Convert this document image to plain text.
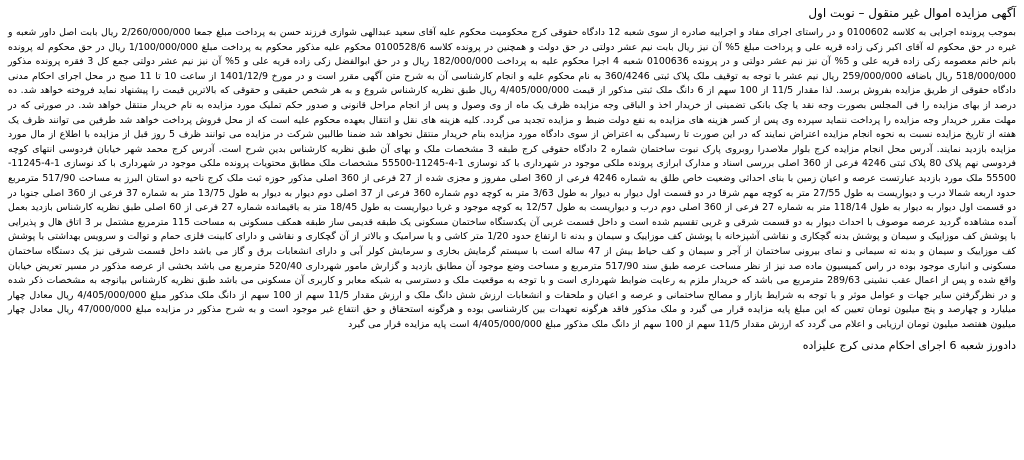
آگهی مزایده اموال غیر منقول – نوبت اول

بموجب پرونده اجرایی به کلاسه 0100602 و در راستای اجرای مفاد و اجراییه صادره از سوی شعبه 12 دادگاه حقوقی کرج محکومیت محکوم علیه آقای سعید عبدالهی شوازی فرزند حسن به پرداخت مبلغ جمعا 2/260/000/000 ریال بابت اصل داور شعبه و غیره در حق محکوم له آقای اکبر زکی زاده قریه علی و پرداخت مبلغ 5% آن نیز ریال بابت نیم عشر دولتی در حق دولت و همچنین در پرونده کلاسه 0100528/6 محکوم علیه مذکور محکوم به پرداخت مبلغ 1/100/000/000 ریال در حق محکوم له پرونده بانم خانم معصومه زکی زاده قریه علی و 5% آن نیز نیم عشر دولتی و در پرونده 0100636 شعبه 4 اجرا محکوم علیه به پرداخت 182/000/000 ریال و در حق ابوالفضل زکی زاده قریه علی و 5% آن نیز نیم عشر دولتی جمع کل 3 فقره پرونده مذکور 518/000/000 ریال باضافه 259/000/000 ریال نیم عشر با توجه به توقیف ملک پلاک ثبتی 360/4246 به نام محکوم علیه و انجام کارشناسی آن به شرح متن آگهی مقرر است و در مورخ 1401/12/9 از ساعت 10 تا 11 صبح در محل اجرای احکام مدنی دادگاه حقوقی از طریق مزایده بفروش برسد. لذا مقدار 11/5 از 100 سهم از 6 دانگ ملک ثبتی مذکور از قیمت 4/405/000/000 ریال طبق نظریه کارشناس شروع و به هر شخص حقیقی و حقوقی که بالاترین قیمت را پیشنهاد نماید فروخته خواهد شد. ده درصد از بهای مزایده را فی المجلس بصورت وجه نقد یا چک بانکی تضمینی از خریدار اخذ و الباقی وجه مزایده ظرف یک ماه از وی وصول و پس از انجام مراحل قانونی و صدور حکم تملیک مورد مزایده به نام خریدار منتقل خواهد شد. در صورتی که در مهلت مقرر خریدار وجه مزایده را پرداخت ننماید سپرده وی پس از کسر هزینه های مزایده به نفع دولت ضبط و مزایده تجدید می گردد. کلیه هزینه های نقل و انتقال بعهده محکوم علیه است که از محل فروش پرداخت خواهد شد طرفین می توانند ظرف یک هفته از تاریخ مزایده نسبت به نحوه انجام مزایده اعتراض نمایند که در این صورت تا رسیدگی به اعتراض از سوی دادگاه مورد مزایده بنام خریدار منتقل نخواهد شد ضمنا طالبین شرکت در مزایده می توانند ظرف 5 روز قبل از مزایده با اطلاع از مال مورد مزایده بازدید نمایند. آدرس محل انجام مزایده کرج بلوار ملاصدرا روبروی پارک نبوت ساختمان شماره 2 دادگاه حقوقی کرج طبقه 3 مشخصات ملک و بهای آن طبق نظریه کارشناس بدین شرح است. آدرس کرج محمد شهر خیابان فردوسی انتهای کوچه فردوسی نهم پلاک 80 پلاک ثبتی 4246 فرعی از 360 اصلی بررسی اسناد و مدارک ابرازی پرونده ملکی موجود در شهرداری با کد نوسازی 1-4-11245-55500 مشخصات ملک مطابق محتویات پرونده ملکی موجود در شهرداری با کد نوسازی 1-4-11245-55500 ملک مورد بازدید عبارتست عرصه و اعیان زمین با بنای احداثی وضعیت خاص طلق به شماره 4246 فرعی از 360 اصلی مفروز و مجزی شده از 27 فرعی از 360 اصلی مذکور حوزه ثبت ملک کرج ناحیه دو استان البرز به مساحت 517/90 مترمربع حدود اربعه شمالا درب و دیواریست به طول 27/55 متر به کوچه مهم شرقا در دو قسمت اول دیوار به دیوار به طول 3/63 متر به کوچه دوم شماره 360 فرعی از 37 اصلی دوم دیوار به دیوار به طول 13/75 متر به شماره 37 فرعی از 360 اصلی جنوبا در دو قسمت اول دیوار به دیوار به طول 118/14 متر به شماره 27 فرعی از 360 اصلی دوم درب و دیواریست به طول 12/57 به کوچه موجود و غربا دیواریست به طول 18/45 متر به باقیمانده شماره 27 فرعی از 60 اصلی طبق نظریه کارشناس بازدید بعمل آمده مشاهده گردید عرصه موصوف با احداث دیوار به دو قسمت شرقی و غربی تقسیم شده است و داخل قسمت غربی آن یکدستگاه ساختمان مسکونی یک طبقه قدیمی ساز طبقه همکف مسکونی به مساحت 115 مترمربع مشتمل بر 3 اتاق هال و پذیرایی با پوشش کف موزاییک و سیمان و پوشش بدنه گچکاری و نقاشی آشپزخانه با پوشش کف موزاییک و سیمان و بدنه تا ارتفاع حدود 1/20 متر کاشی و یا سرامیک و بالاتر از آن گچکاری و نقاشی و دارای کابینت فلزی حمام و توالت و سرویس بهداشتی با پوشش کف موزاییک و سیمان و بدنه ته سیمانی و نمای بیرونی ساختمان از آجر و سیمان و کف حیاط بیش از 47 ساله است با سیستم گرمایش بخاری و سرمایش کولر آبی و دارای انشعابات برق و گاز می باشد داخل قسمت شرقی نیز یک دستگاه ساختمان مسکونی و انباری موجود بوده در راس کمیسیون ماده صد نیز از نظر مساحت عرصه طبق سند 517/90 مترمربع و مساحت وضع موجود آن مطابق بازدید و گزارش مامور شهرداری 520/40 مترمربع می باشد بخشی از عرصه مذکور در مسیر تعریض خیابان واقع شده و پس از اعمال عقب نشینی 289/63 مترمربع می باشد که خریدار ملزم به رعایت ضوابط شهرداری است و با توجه به موقعیت ملک و دسترسی به شبکه معابر و کاربری آن مسکونی می باشد طبق نظریه کارشناس بیانوجه به مشخصات ذکر شده و در نظرگرفتن سایر جهات و عوامل موثر و با توجه به شرایط بازار و مصالح ساختمانی و عرصه و اعیان و ملحقات و انشعابات ارزش شش دانگ ملک و ارزش مقدار 11/5 سهم از 100 سهم از دانگ ملک مذکور مبلغ 4/405/000/000 ریال معادل چهار میلیارد و چهارصد و پنج میلیون تومان تعیین که این مبلغ پایه مزایده قرار می گیرد و ملک مذکور فاقد هرگونه تعهدات بین کارشناسی بوده و هرگونه استحقاق و حق انتفاع غیر موجود است و به شرح مذکور در مزایده مبلغ 47/000/000 ریال معادل چهار میلیون هفتصد میلیون تومان ارزیابی و اعلام می گردد که ارزش مقدار 11/5 سهم از 100 سهم از دانگ ملک مذکور مبلغ 4/405/000/000 است پایه مزایده قرار می گیرد

دادورز شعبه 6 اجرای احکام مدنی کرج علیزاده
